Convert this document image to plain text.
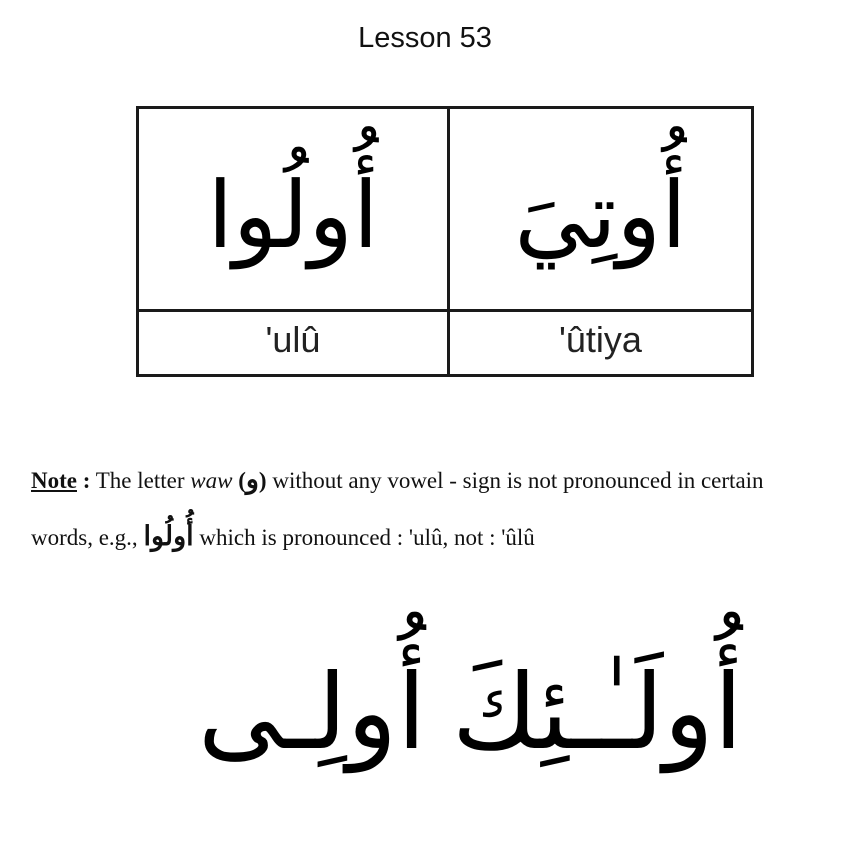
Lesson 53
أُولُوا أُوتِيَ
'ulû	'ûtiya
Note : The letter waw (و) without any vowel - sign is not pronounced in certain words, e.g., أُولُوا which is pronounced : 'ulû, not : 'ûlû
أُولَـٰـئِكَ
أُولِـى
